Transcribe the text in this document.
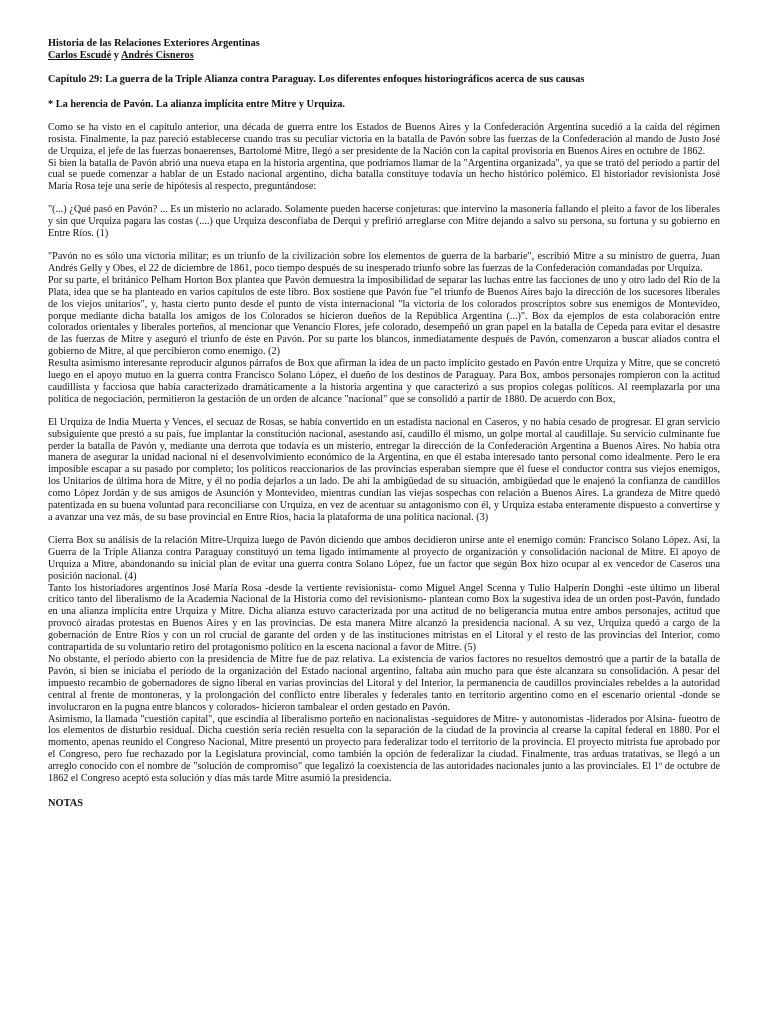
Historia de las Relaciones Exteriores Argentinas
Carlos Escudé y Andrés Cisneros
Capítulo 29: La guerra de la Triple Alianza contra Paraguay. Los diferentes enfoques historiográficos acerca de sus causas
* La herencia de Pavón. La alianza implícita entre Mitre y Urquiza.

Como se ha visto en el capítulo anterior, una década de guerra entre los Estados de Buenos Aires y la Confederación Argentina sucedió a la caída del régimen rosista. Finalmente, la paz pareció establecerse cuando tras su peculiar victoria en la batalla de Pavón sobre las fuerzas de la Confederación al mando de Justo José de Urquiza, el jefe de las fuerzas bonaerenses, Bartolomé Mitre, llegó a ser presidente de la Nación con la capital provisoria en Buenos Aires en octubre de 1862.

Si bien la batalla de Pavón abrió una nueva etapa en la historia argentina, que podríamos llamar de la "Argentina organizada", ya que se trató del período a partir del cual se puede comenzar a hablar de un Estado nacional argentino, dicha batalla constituye todavía un hecho histórico polémico. El historiador revisionista José María Rosa teje una serie de hipótesis al respecto, preguntándose:

"(...) ¿Qué pasó en Pavón? ... Es un misterio no aclarado. Solamente pueden hacerse conjeturas: que intervino la masonería fallando el pleito a favor de los liberales y sin que Urquiza pagara las costas (....) que Urquiza desconfiaba de Derqui y prefirió arreglarse con Mitre dejando a salvo su persona, su fortuna y su gobierno en Entre Ríos. (1)

"Pavón no es sólo una victoria militar; es un triunfo de la civilización sobre los elementos de guerra de la barbarie", escribió Mitre a su ministro de guerra, Juan Andrés Gelly y Obes, el 22 de diciembre de 1861, poco tiempo después de su inesperado triunfo sobre las fuerzas de la Confederación comandadas por Urquiza.

Por su parte, el británico Pelham Horton Box plantea que Pavón demuestra la imposibilidad de separar las luchas entre las facciones de uno y otro lado del Río de la Plata, idea que se ha planteado en varios capítulos de este libro. Box sostiene que Pavón fue "el triunfo de Buenos Aires bajo la dirección de los sucesores liberales de los viejos unitarios", y, hasta cierto punto desde el punto de vista internacional "la victoria de los colorados proscriptos sobre sus enemigos de Montevideo, porque mediante dicha batalla los amigos de los Colorados se hicieron dueños de la República Argentina (...)". Box da ejemplos de esta colaboración entre colorados orientales y liberales porteños, al mencionar que Venancio Flores, jefe colorado, desempeñó un gran papel en la batalla de Cepeda para evitar el desastre de las fuerzas de Mitre y aseguró el triunfo de éste en Pavón. Por su parte los blancos, inmediatamente después de Pavón, comenzaron a buscar aliados contra el gobierno de Mitre, al que percibieron como enemigo. (2)

Resulta asimismo interesante reproducir algunos párrafos de Box que afirman la idea de un pacto implícito gestado en Pavón entre Urquiza y Mitre, que se concretó luego en el apoyo mutuo en la guerra contra Francisco Solano López, el dueño de los destinos de Paraguay. Para Box, ambos personajes rompieron con la actitud caudillista y facciosa que había caracterizado dramáticamente a la historia argentina y que caracterizó a sus propios colegas políticos. Al reemplazarla por una política de negociación, permitieron la gestación de un orden de alcance "nacional" que se consolidó a partir de 1880. De acuerdo con Box,

El Urquiza de India Muerta y Vences, el secuaz de Rosas, se había convertido en un estadista nacional en Caseros, y no había cesado de progresar. El gran servicio subsiguiente que prestó a su país, fue implantar la constitución nacional, asestando así, caudillo él mismo, un golpe mortal al caudillaje. Su servicio culminante fue perder la batalla de Pavón y, mediante una derrota que todavía es un misterio, entregar la dirección de la Confederación Argentina a Buenos Aires. No había otra manera de asegurar la unidad nacional ni el desenvolvimiento económico de la Argentina, en que él estaba interesado tanto personal como idealmente. Pero le era imposible escapar a su pasado por completo; los políticos reaccionarios de las provincias esperaban siempre que él fuese el conductor contra sus viejos enemigos, los Unitarios de última hora de Mitre, y él no podía dejarlos a un lado. De ahí la ambigüedad de su situación, ambigüedad que le enajenó la confianza de caudillos como López Jordán y de sus amigos de Asunción y Montevideo, mientras cundían las viejas sospechas con relación a Buenos Aires. La grandeza de Mitre quedó patentizada en su buena voluntad para reconciliarse con Urquiza, en vez de acentuar su antagonismo con él, y Urquiza estaba enteramente dispuesto a convertirse y a avanzar una vez más, de su base provincial en Entre Ríos, hacia la plataforma de una política nacional. (3)

Cierra Box su análisis de la relación Mitre-Urquiza luego de Pavón diciendo que ambos decidieron unirse ante el enemigo común: Francisco Solano López. Así, la Guerra de la Triple Alianza contra Paraguay constituyó un tema ligado íntimamente al proyecto de organización y consolidación nacional de Mitre. El apoyo de Urquiza a Mitre, abandonando su inicial plan de evitar una guerra contra Solano López, fue un factor que según Box hizo ocupar al ex vencedor de Caseros una posición nacional. (4)

Tanto los historiadores argentinos José María Rosa -desde la vertiente revisionista- como Miguel Angel Scenna y Tulio Halperín Donghi -este último un liberal crítico tanto del liberalismo de la Academia Nacional de la Historia como del revisionismo- plantean como Box la sugestiva idea de un orden post-Pavón, fundado en una alianza implícita entre Urquiza y Mitre. Dicha alianza estuvo caracterizada por una actitud de no beligerancia mutua entre ambos personajes, actitud que provocó airadas protestas en Buenos Aires y en las provincias. De esta manera Mitre alcanzó la presidencia nacional. A su vez, Urquiza quedó a cargo de la gobernación de Entre Ríos y con un rol crucial de garante del orden y de las instituciones mitristas en el Litoral y el resto de las provincias del Interior, como contrapartida de su voluntario retiro del protagonismo político en la escena nacional a favor de Mitre. (5)

No obstante, el período abierto con la presidencia de Mitre fue de paz relativa. La existencia de varios factores no resueltos demostró que a partir de la batalla de Pavón, si bien se iniciaba el período de la organización del Estado nacional argentino, faltaba aún mucho para que éste alcanzara su consolidación. A pesar del impuesto recambio de gobernadores de signo liberal en varias provincias del Litoral y del Interior, la permanencia de caudillos provinciales rebeldes a la autoridad central al frente de montoneras, y la prolongación del conflicto entre liberales y federales tanto en territorio argentino como en el escenario oriental -donde se involucraron en la pugna entre blancos y colorados- hicieron tambalear el orden gestado en Pavón.

Asimismo, la llamada "cuestión capital", que escindía al liberalismo porteño en nacionalistas -seguidores de Mitre- y autonomistas -liderados por Alsina- fueotro de los elementos de disturbio residual. Dicha cuestión sería recién resuelta con la separación de la ciudad de la provincia al crearse la capital federal en 1880. Por el momento, apenas reunido el Congreso Nacional, Mitre presentó un proyecto para federalizar todo el territorio de la provincia. El proyecto mitrista fue aprobado por el Congreso, pero fue rechazado por la Legislatura provincial, como también la opción de federalizar la ciudad. Finalmente, tras arduas tratativas, se llegó a un arreglo conocido con el nombre de "solución de compromiso" que legalizó la coexistencia de las autoridades nacionales junto a las provinciales. El 1º de octubre de 1862 el Congreso aceptó esta solución y días más tarde Mitre asumió la presidencia.

NOTAS
